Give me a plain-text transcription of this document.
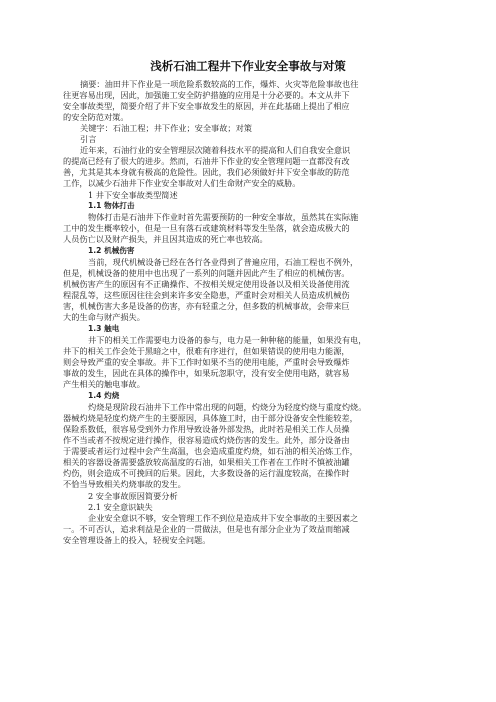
浅析石油工程井下作业安全事故与对策
摘要：油田井下作业是一项危险系数较高的工作，爆炸、火灾等危险事故也往
往更容易出现，因此，加强施工安全防护措施的应用是十分必要的。本文从井下
安全事故类型，简要介绍了井下安全事故发生的原因，并在此基础上提出了相应
的安全防范对策。
关键字：石油工程；井下作业；安全事故；对策
引言
近年来，石油行业的安全管理层次随着科技水平的提高和人们自我安全意识
的提高已经有了很大的进步。然而，石油井下作业的安全管理问题一直都没有改
善，尤其是其本身就有极高的危险性。因此，我们必须做好井下安全事故的防范
工作，以减少石油井下作业安全事故对人们生命财产安全的威胁。
1 井下安全事故类型简述
1.1 物体打击
物体打击是石油井下作业时首先需要预防的一种安全事故，虽然其在实际施
工中的发生概率较小，但是一旦有落石或建筑材料等发生坠落，就会造成极大的
人员伤亡以及财产损失，并且因其造成的死亡率也较高。
1.2 机械伤害
当前，现代机械设备已经在各行各业得到了普遍应用，石油工程也不例外，
但是，机械设备的使用中也出现了一系列的问题并因此产生了相应的机械伤害。
机械伤害产生的原因有不正确操作、不按相关规定使用设备以及相关设备使用流
程混乱等，这些原因往往会到来许多安全隐患，严重时会对相关人员造成机械伤
害，机械伤害大多是设备的伤害，亦有轻重之分，但多数的机械事故，会带来巨
大的生命与财产损失。
1.3 触电
井下的相关工作需要电力设备的参与，电力是一种种秘的能量，如果没有电，
井下的相关工作会处于黑暗之中，很难有序进行，但如果错误的使用电力能源，
则会导致严重的安全事故。井下工作时如果不当的使用电能，严重时会导致爆炸
事故的发生，因此在具体的操作中，如果玩忽职守，没有安全使用电路，就容易
产生相关的触电事故。
1.4 灼烧
灼烧是现阶段石油井下工作中常出现的问题，灼烧分为轻度灼烧与重度灼烧。
器械灼烧是轻度灼烧产生的主要原因，具体施工时，由于部分设备安全性能较差，
保险系数低，很容易受到外力作用导致设备外部发热，此时若是相关工作人员操
作不当或者不按规定进行操作，很容易造成灼烧伤害的发生。此外，部分设备由
于需要或者运行过程中会产生高温，也会造成重度灼烧，如石油的相关冶炼工作，
相关的容器设备需要盛放较高温度的石油，如果相关工作者在工作时不慎被油罐
灼伤，则会造成不可挽回的后果。因此，大多数设备的运行温度较高，在操作时
不恰当导致相关灼烧事故的发生。
2 安全事故原因简要分析
2.1 安全意识缺失
企业安全意识不够，安全管理工作不到位是造成井下安全事故的主要因素之
一。不可否认，追求利益是企业的一贯做法，但是也有部分企业为了效益而缩减
安全管理设备上的投入，轻视安全问题。
